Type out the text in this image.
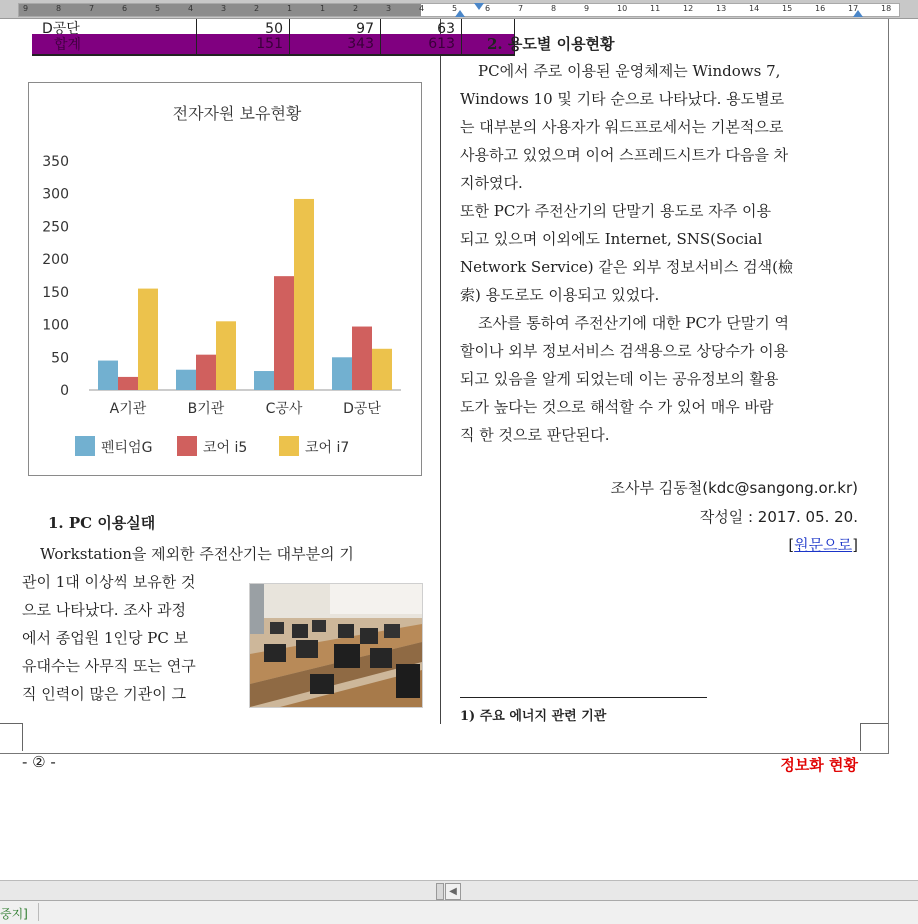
9	8	7	6	5	4	3	2	1	1	2	3	4	5	6	7	8	9	10	11	12	13	14	15	16	17	18
D공단	50	97	63	
합계	151	343	613	
전자자원 보유현황
0
50
100
150
200
250
300
350
A기관	B기관	C공사	D공단
펜티엄G	코어 i5	코어 i7
1. PC 이용실태

Workstation을 제외한 주전산기는 대부분의 기

관이 1대 이상씩 보유한 것

으로 나타났다. 조사 과정

에서 종업원 1인당 PC 보

유대수는 사무직 또는 연구

직 인력이 많은 기관이 그

2. 용도별 이용현황

PC에서 주로 이용된 운영체제는 Windows 7,

Windows 10 및 기타 순으로 나타났다. 용도별로

는 대부분의 사용자가 워드프로세서는 기본적으로

사용하고 있었으며 이어 스프레드시트가 다음을 차

지하였다.

또한 PC가 주전산기의 단말기 용도로 자주 이용

되고 있으며 이외에도 Internet, SNS(Social

Network Service) 같은 외부 정보서비스 검색(檢

索) 용도로도 이용되고 있었다.

조사를 통하여 주전산기에 대한 PC가 단말기 역

할이나 외부 정보서비스 검색용으로 상당수가 이용

되고 있음을 알게 되었는데 이는 공유정보의 활용

도가 높다는 것으로 해석할 수 가 있어 매우 바람

직 한 것으로 판단된다.

조사부 김동철(kdc@sangong.or.kr)
작성일 : 2017. 05. 20.
[원문으로]
1) 주요 에너지 관련 기관
- ② -	정보화 현황
◀
중지]
